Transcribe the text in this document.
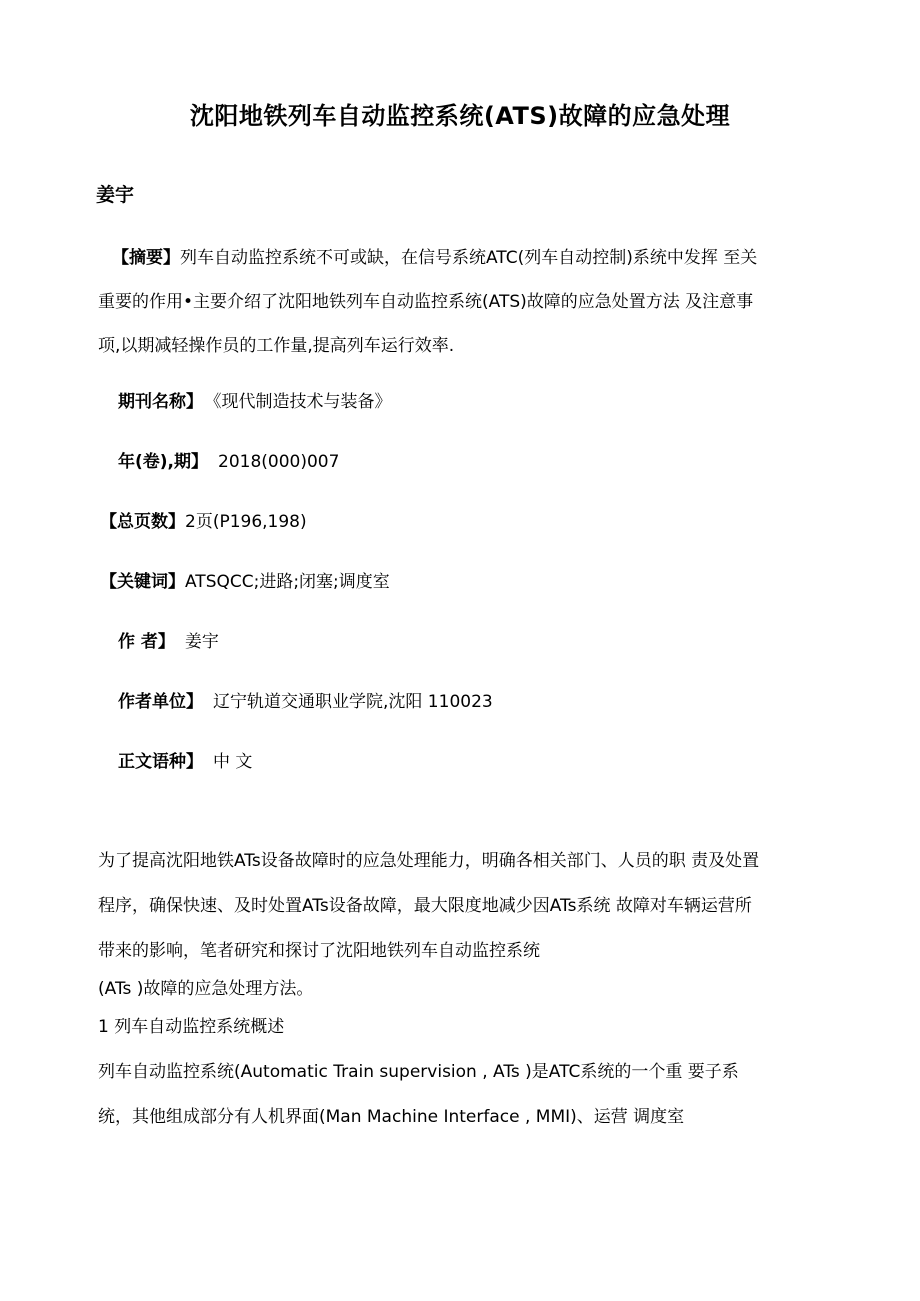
沈阳地铁列车自动监控系统(ATS)故障的应急处理
姜宇
【摘要】列车自动监控系统不可或缺，在信号系统ATC(列车自动控制)系统中发挥 至关
重要的作用•主要介绍了沈阳地铁列车自动监控系统(ATS)故障的应急处置方法 及注意事
项,以期减轻操作员的工作量,提高列车运行效率.
期刊名称】 《现代制造技术与装备》
年(卷),期】 2018(000)007
【总页数】2页(P196,198)
【关键词】ATSQCC;进路;闭塞;调度室
作 者】 姜宇
作者单位】 辽宁轨道交通职业学院,沈阳 110023
正文语种】 中 文
为了提高沈阳地铁ATs设备故障时的应急处理能力，明确各相关部门、人员的职 责及处置
程序，确保快速、及时处置ATs设备故障，最大限度地减少因ATs系统 故障对车辆运营所
带来的影响，笔者研究和探讨了沈阳地铁列车自动监控系统
(ATs )故障的应急处理方法。
1 列车自动监控系统概述
列车自动监控系统(Automatic Train supervision , ATs )是ATC系统的一个重 要子系
统，其他组成部分有人机界面(Man Machine Interface , MMI)、运营 调度室
